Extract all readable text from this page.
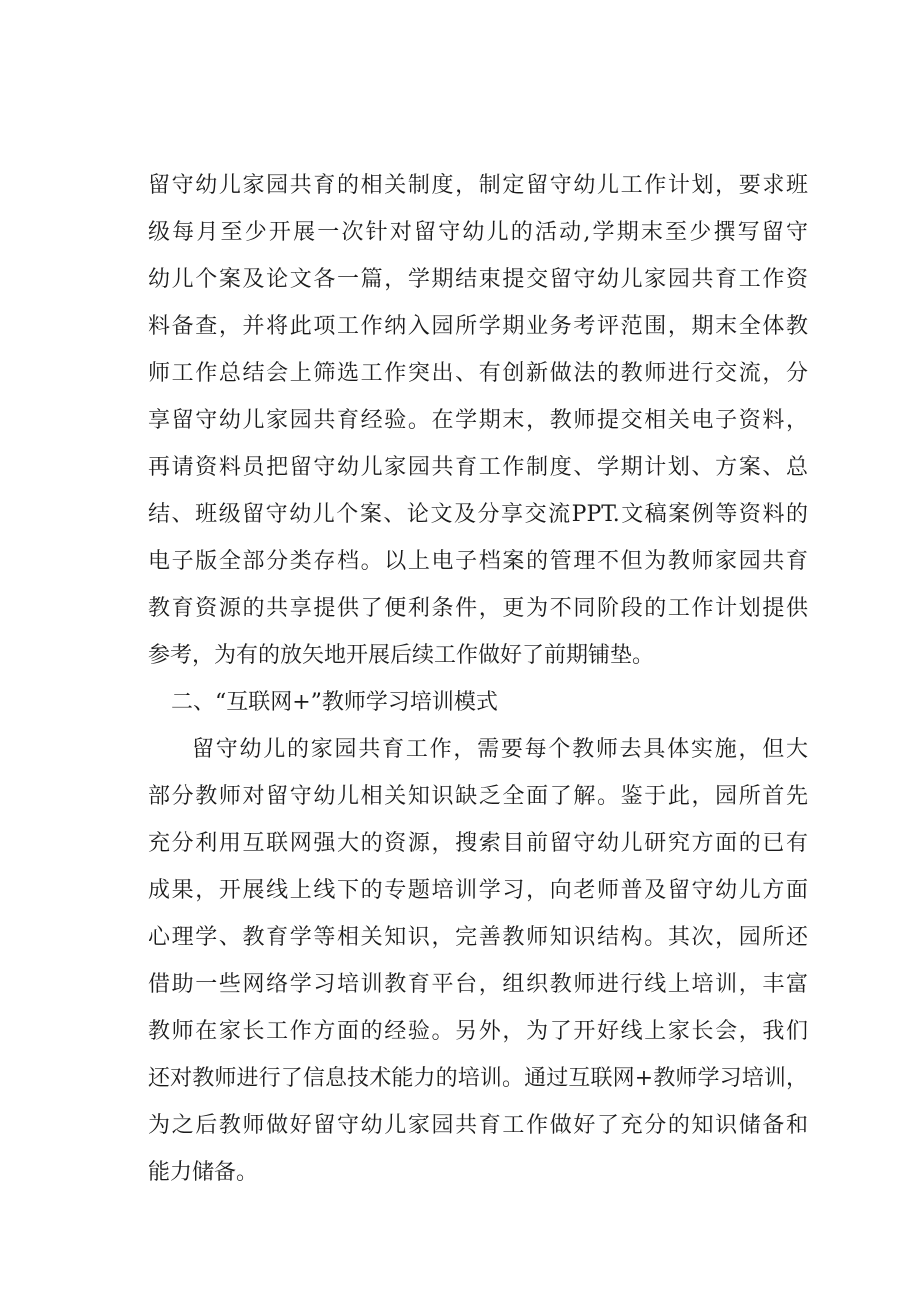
留守幼儿家园共育的相关制度，制定留守幼儿工作计划，要求班
级每月至少开展一次针对留守幼儿的活动,学期末至少撰写留守
幼儿个案及论文各一篇，学期结束提交留守幼儿家园共育工作资
料备查，并将此项工作纳入园所学期业务考评范围，期末全体教
师工作总结会上筛选工作突出、有创新做法的教师进行交流，分
享留守幼儿家园共育经验。在学期末，教师提交相关电子资料，
再请资料员把留守幼儿家园共育工作制度、学期计划、方案、总
结、班级留守幼儿个案、论文及分享交流PPT.文稿案例等资料的
电子版全部分类存档。以上电子档案的管理不但为教师家园共育
教育资源的共享提供了便利条件，更为不同阶段的工作计划提供
参考，为有的放矢地开展后续工作做好了前期铺垫。
二、“互联网+”教师学习培训模式
留守幼儿的家园共育工作，需要每个教师去具体实施，但大
部分教师对留守幼儿相关知识缺乏全面了解。鉴于此，园所首先
充分利用互联网强大的资源，搜索目前留守幼儿研究方面的已有
成果，开展线上线下的专题培训学习，向老师普及留守幼儿方面
心理学、教育学等相关知识，完善教师知识结构。其次，园所还
借助一些网络学习培训教育平台，组织教师进行线上培训，丰富
教师在家长工作方面的经验。另外，为了开好线上家长会，我们
还对教师进行了信息技术能力的培训。通过互联网+教师学习培训，
为之后教师做好留守幼儿家园共育工作做好了充分的知识储备和
能力储备。
